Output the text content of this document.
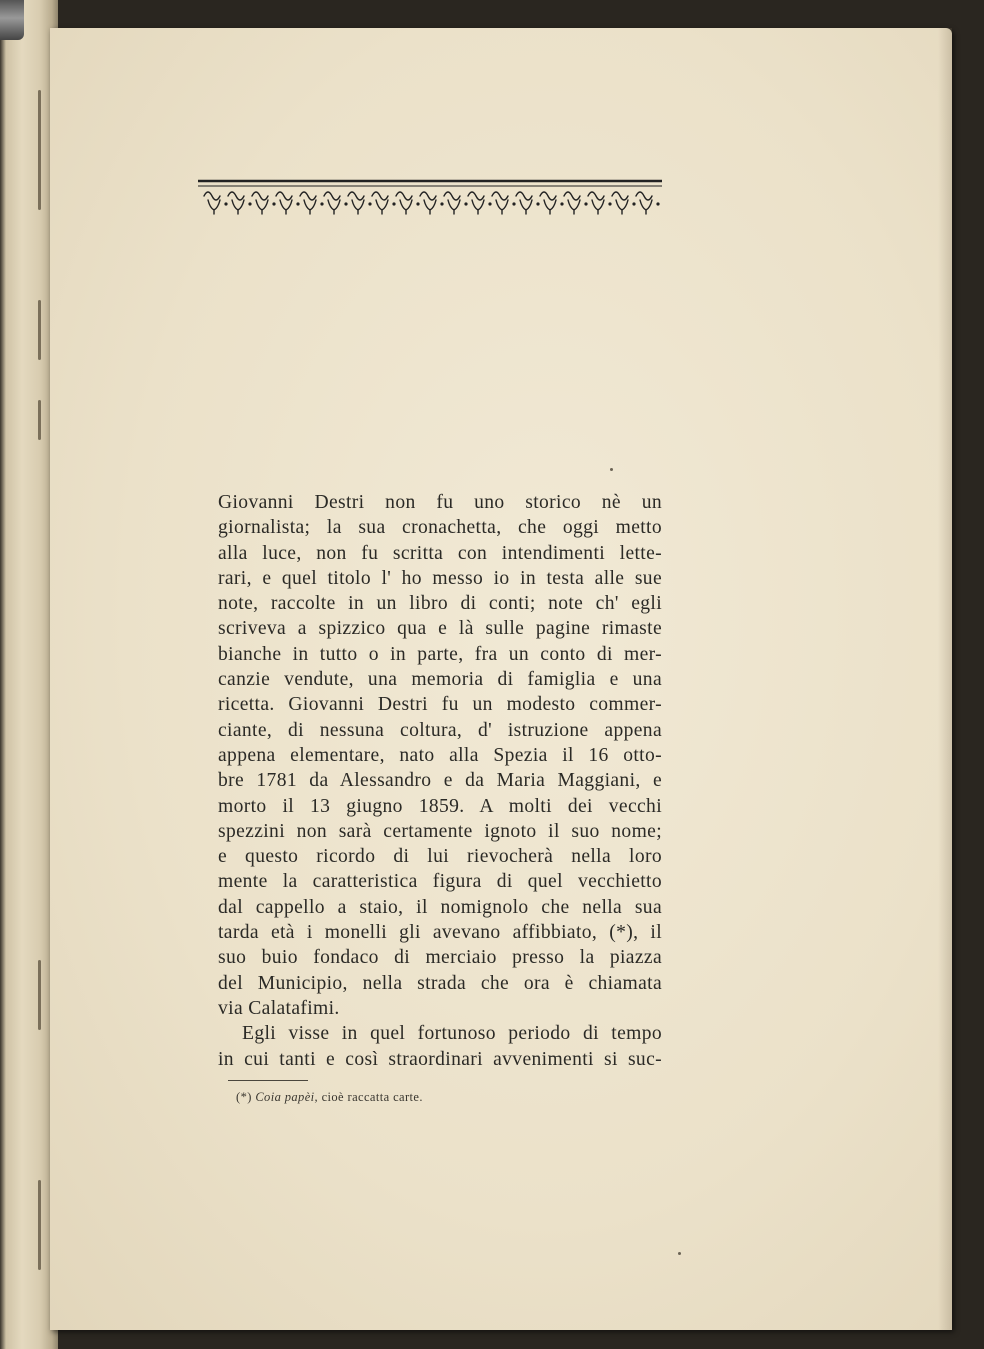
Giovanni Destri non fu uno storico nè un
giornalista; la sua cronachetta, che oggi metto
alla luce, non fu scritta con intendimenti lette-
rari, e quel titolo l' ho messo io in testa alle sue
note, raccolte in un libro di conti; note ch' egli
scriveva a spizzico qua e là sulle pagine rimaste
bianche in tutto o in parte, fra un conto di mer-
canzie vendute, una memoria di famiglia e una
ricetta. Giovanni Destri fu un modesto commer-
ciante, di nessuna coltura, d' istruzione appena
appena elementare, nato alla Spezia il 16 otto-
bre 1781 da Alessandro e da Maria Maggiani, e
morto il 13 giugno 1859. A molti dei vecchi
spezzini non sarà certamente ignoto il suo nome;
e questo ricordo di lui rievocherà nella loro
mente la caratteristica figura di quel vecchietto
dal cappello a staio, il nomignolo che nella sua
tarda età i monelli gli avevano affibbiato, (*), il
suo buio fondaco di merciaio presso la piazza
del Municipio, nella strada che ora è chiamata
via Calatafimi.
Egli visse in quel fortunoso periodo di tempo
in cui tanti e così straordinari avvenimenti si suc-
(*) Coia papèi, cioè raccatta carte.
